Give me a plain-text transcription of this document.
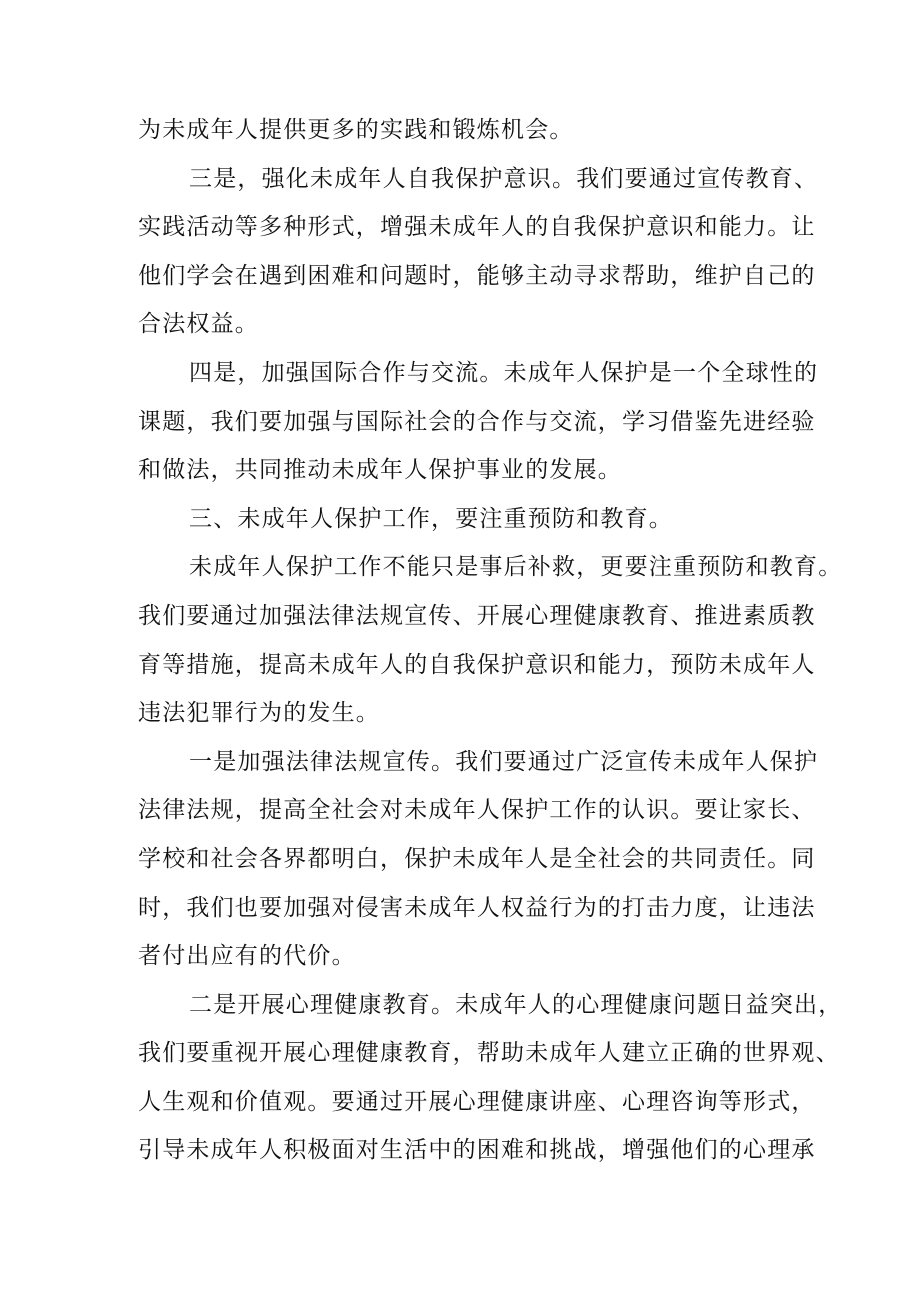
为未成年人提供更多的实践和锻炼机会。
三是，强化未成年人自我保护意识。我们要通过宣传教育、
实践活动等多种形式，增强未成年人的自我保护意识和能力。让
他们学会在遇到困难和问题时，能够主动寻求帮助，维护自己的
合法权益。
四是，加强国际合作与交流。未成年人保护是一个全球性的
课题，我们要加强与国际社会的合作与交流，学习借鉴先进经验
和做法，共同推动未成年人保护事业的发展。
三、未成年人保护工作，要注重预防和教育。
未成年人保护工作不能只是事后补救，更要注重预防和教育。
我们要通过加强法律法规宣传、开展心理健康教育、推进素质教
育等措施，提高未成年人的自我保护意识和能力，预防未成年人
违法犯罪行为的发生。
一是加强法律法规宣传。我们要通过广泛宣传未成年人保护
法律法规，提高全社会对未成年人保护工作的认识。要让家长、
学校和社会各界都明白，保护未成年人是全社会的共同责任。同
时，我们也要加强对侵害未成年人权益行为的打击力度，让违法
者付出应有的代价。
二是开展心理健康教育。未成年人的心理健康问题日益突出，
我们要重视开展心理健康教育，帮助未成年人建立正确的世界观、
人生观和价值观。要通过开展心理健康讲座、心理咨询等形式，
引导未成年人积极面对生活中的困难和挑战，增强他们的心理承
